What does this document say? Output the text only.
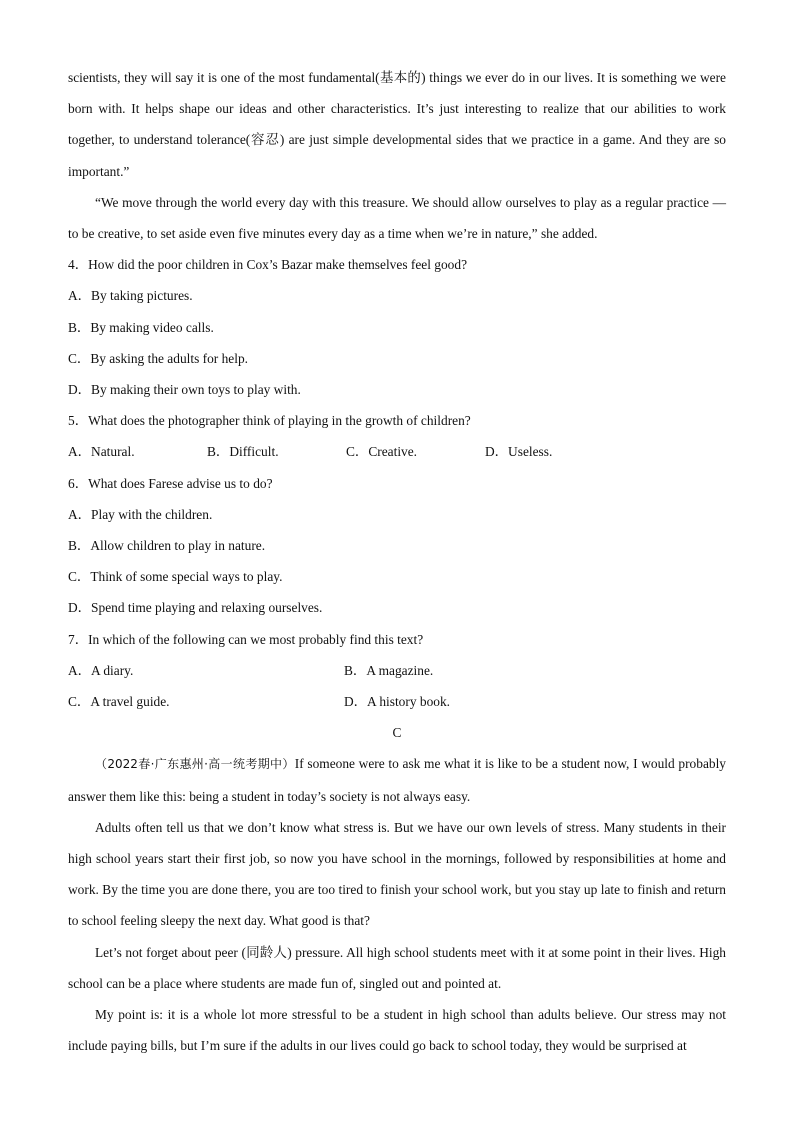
scientists, they will say it is one of the most fundamental(基本的) things we ever do in our lives. It is something we were born with. It helps shape our ideas and other characteristics. It’s just interesting to realize that our abilities to work together, to understand tolerance(容忍) are just simple developmental sides that we practice in a game. And they are so important.”
“We move through the world every day with this treasure. We should allow ourselves to play as a regular practice — to be creative, to set aside even five minutes every day as a time when we’re in nature,” she added.
4．How did the poor children in Cox’s Bazar make themselves feel good?
A．By taking pictures.
B．By making video calls.
C．By asking the adults for help.
D．By making their own toys to play with.
5．What does the photographer think of playing in the growth of children?
A．Natural.	B．Difficult.	C．Creative.	D．Useless.
6．What does Farese advise us to do?
A．Play with the children.
B．Allow children to play in nature.
C．Think of some special ways to play.
D．Spend time playing and relaxing ourselves.
7．In which of the following can we most probably find this text?
A．A diary.	B．A magazine.
C．A travel guide.	D．A history book.
C
（2022春·广东惠州·高一统考期中）If someone were to ask me what it is like to be a student now, I would probably answer them like this: being a student in today’s society is not always easy.
Adults often tell us that we don’t know what stress is. But we have our own levels of stress. Many students in their high school years start their first job, so now you have school in the mornings, followed by responsibilities at home and work. By the time you are done there, you are too tired to finish your school work, but you stay up late to finish and return to school feeling sleepy the next day. What good is that?
Let’s not forget about peer (同龄人) pressure. All high school students meet with it at some point in their lives. High school can be a place where students are made fun of, singled out and pointed at.
My point is: it is a whole lot more stressful to be a student in high school than adults believe. Our stress may not include paying bills, but I’m sure if the adults in our lives could go back to school today, they would be surprised at
